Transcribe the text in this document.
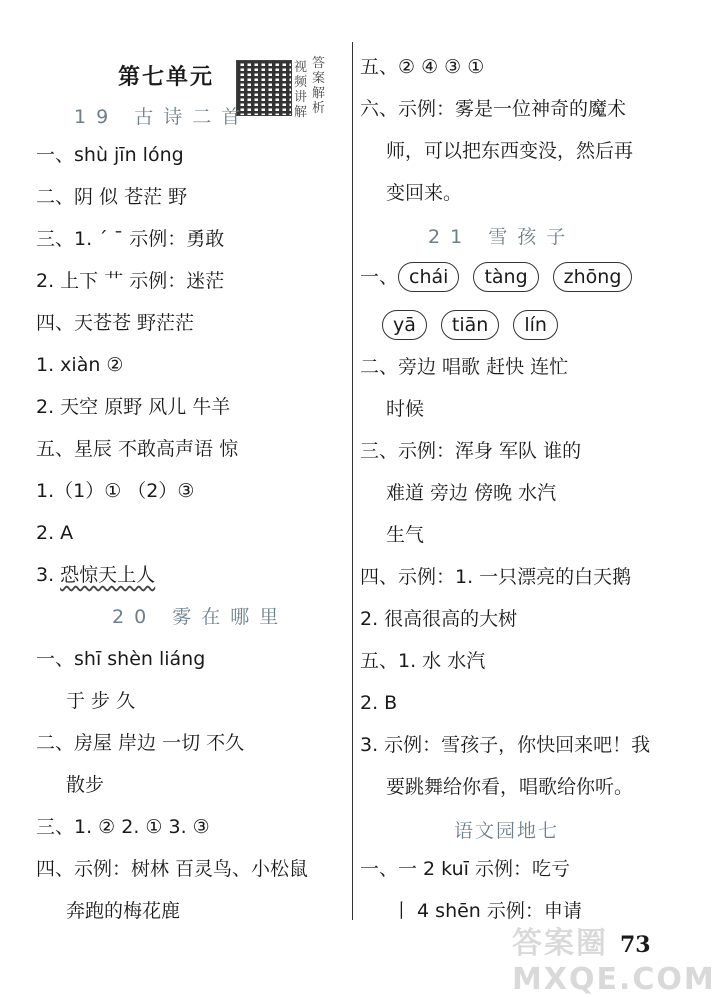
第七单元	视频讲解
答案解析
19 古诗二首
一、shù jīn lóng
二、阴 似 苍茫 野
三、1. ˊ ˉ 示例：勇敢
2. 上下 艹 示例：迷茫
四、天苍苍 野茫茫
1. xiàn ②
2. 天空 原野 风儿 牛羊
五、星辰 不敢高声语 惊
1.（1）① （2）③
2. A
3. 恐惊天上人
20 雾在哪里
一、shī shèn liáng
于 步 久
二、房屋 岸边 一切 不久
散步
三、1. ② 2. ① 3. ③
四、示例：树林 百灵鸟、小松鼠
奔跑的梅花鹿
五、② ④ ③ ①
六、示例：雾是一位神奇的魔术
师，可以把东西变没，然后再
变回来。
21 雪孩子
一、 chái tàng zhōng
yā tiān lín
二、旁边 唱歌 赶快 连忙
时候
三、示例：浑身 军队 谁的
难道 旁边 傍晚 水汽
生气
四、示例：1. 一只漂亮的白天鹅
2. 很高很高的大树
五、1. 水 水汽
2. B
3. 示例：雪孩子，你快回来吧！我
要跳舞给你看，唱歌给你听。
语文园地七
一、一 2 kuī 示例：吃亏
丨 4 shēn 示例：申请
73
答案圈 MXQE.COM
